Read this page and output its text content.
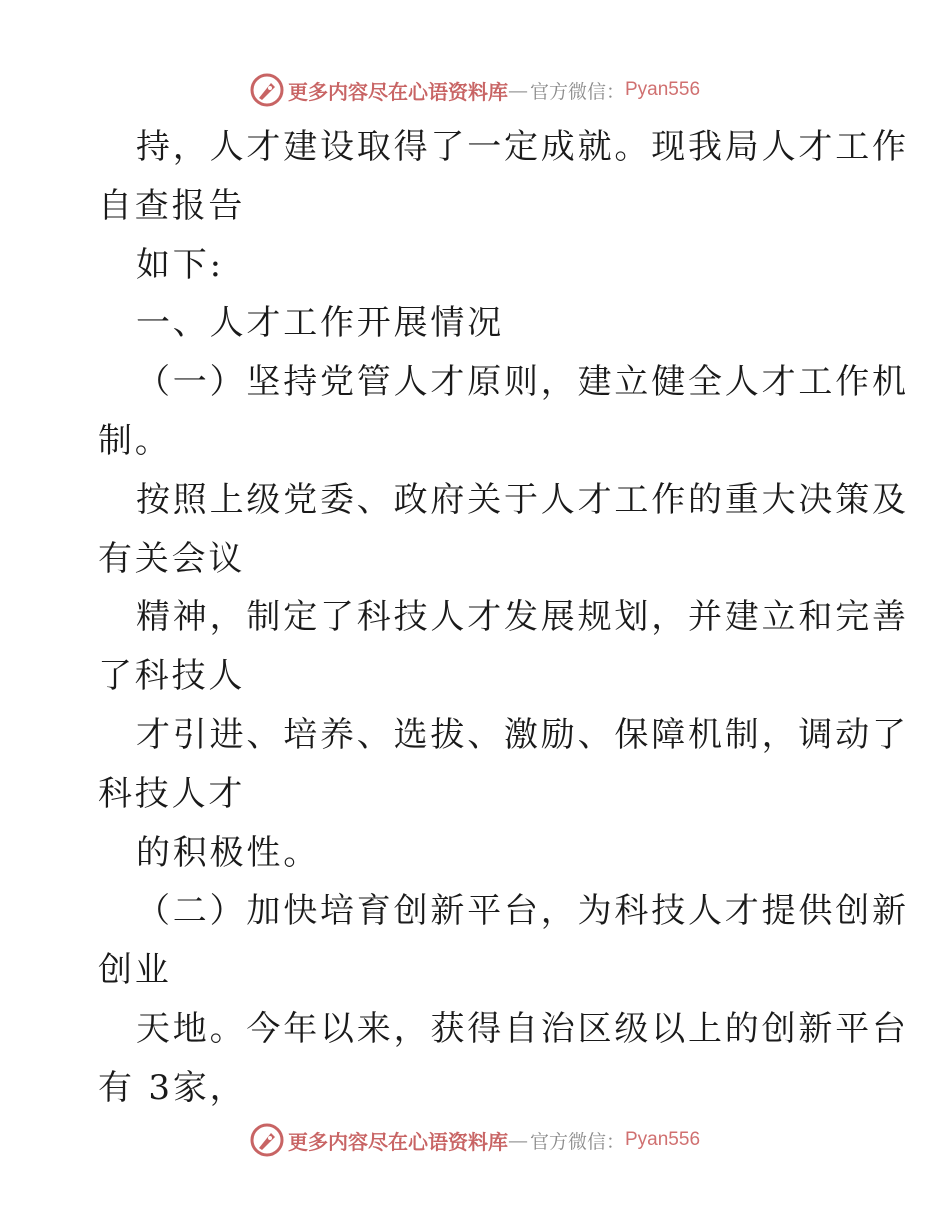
更多内容尽在心语资料库 — 官方微信： Pyan556
持，人才建设取得了一定成就。现我局人才工作
自查报告
如下:
一、人才工作开展情况
（一）坚持党管人才原则，建立健全人才工作机
制。
按照上级党委、政府关于人才工作的重大决策及
有关会议
精神，制定了科技人才发展规划，并建立和完善
了科技人
才引进、培养、选拔、激励、保障机制，调动了
科技人才
的积极性。
（二）加快培育创新平台，为科技人才提供创新
创业
天地。今年以来，获得自治区级以上的创新平台
有 3家，
更多内容尽在心语资料库 — 官方微信： Pyan556
